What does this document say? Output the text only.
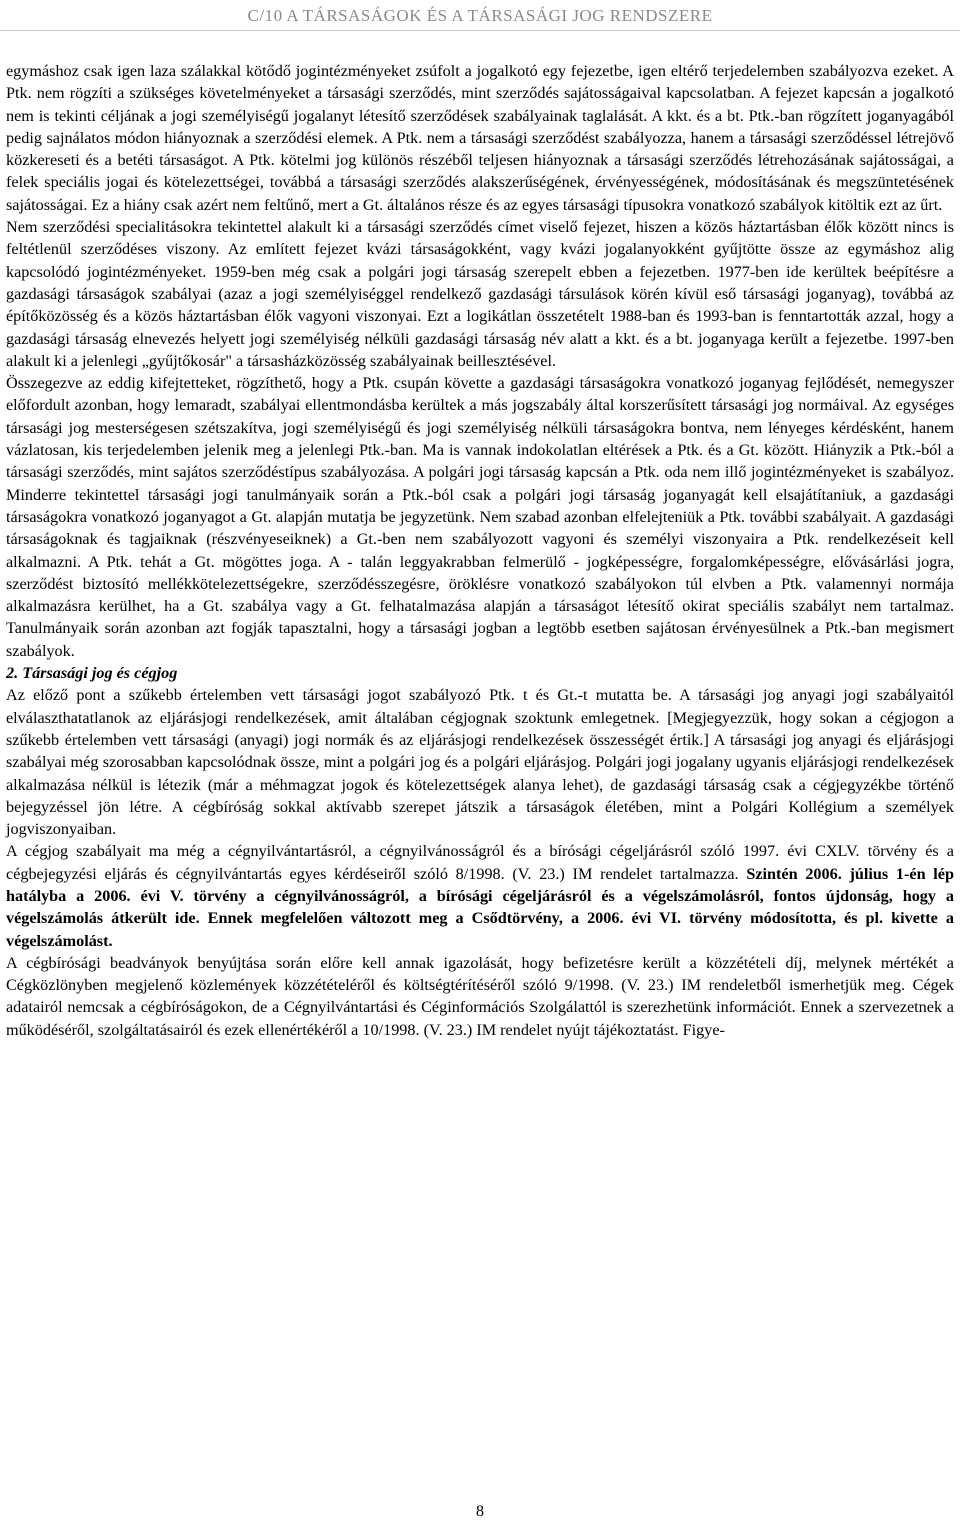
C/10 A TÁRSASÁGOK ÉS A TÁRSASÁGI JOG RENDSZERE

egymáshoz csak igen laza szálakkal kötődő jogintézményeket zsúfolt a jogalkotó egy fejezetbe, igen eltérő terjedelemben szabályozva ezeket. A Ptk. nem rögzíti a szükséges követelményeket a társasági szerződés, mint szerződés sajátosságaival kapcsolatban. A fejezet kapcsán a jogalkotó nem is tekinti céljának a jogi személyiségű jogalanyt létesítő szerződések szabályainak taglalását. A kkt. és a bt. Ptk.-ban rögzített joganyagából pedig sajnálatos módon hiányoznak a szerződési elemek. A Ptk. nem a társasági szerződést szabályozza, hanem a társasági szerződéssel létrejövő közkereseti és a betéti társaságot. A Ptk. kötelmi jog különös részéből teljesen hiányoznak a társasági szerződés létrehozásának sajátosságai, a felek speciális jogai és kötelezettségei, továbbá a társasági szerződés alakszerűségének, érvényességének, módosításának és megszüntetésének sajátosságai. Ez a hiány csak azért nem feltűnő, mert a Gt. általános része és az egyes társasági típusokra vonatkozó szabályok kitöltik ezt az űrt.

Nem szerződési specialitásokra tekintettel alakult ki a társasági szerződés címet viselő fejezet, hiszen a közös háztartásban élők között nincs is feltétlenül szerződéses viszony. Az említett fejezet kvázi társaságokként, vagy kvázi jogalanyokként gyűjtötte össze az egymáshoz alig kapcsolódó jogintézményeket. 1959-ben még csak a polgári jogi társaság szerepelt ebben a fejezetben. 1977-ben ide kerültek beépítésre a gazdasági társaságok szabályai (azaz a jogi személyiséggel rendelkező gazdasági társulások körén kívül eső társasági joganyag), továbbá az építőközösség és a közös háztartásban élők vagyoni viszonyai. Ezt a logikátlan összetételt 1988-ban és 1993-ban is fenntartották azzal, hogy a gazdasági társaság elnevezés helyett jogi személyiség nélküli gazdasági társaság név alatt a kkt. és a bt. joganyaga került a fejezetbe. 1997-ben alakult ki a jelenlegi „gyűjtőkosár" a társasházközösség szabályainak beillesztésével.

Összegezve az eddig kifejtetteket, rögzíthető, hogy a Ptk. csupán követte a gazdasági társaságokra vonatkozó joganyag fejlődését, nemegyszer előfordult azonban, hogy lemaradt, szabályai ellentmondásba kerültek a más jogszabály által korszerűsített társasági jog normáival. Az egységes társasági jog mesterségesen szétszakítva, jogi személyiségű és jogi személyiség nélküli társaságokra bontva, nem lényeges kérdésként, hanem vázlatosan, kis terjedelemben jelenik meg a jelenlegi Ptk.-ban. Ma is vannak indokolatlan eltérések a Ptk. és a Gt. között. Hiányzik a Ptk.-ból a társasági szerződés, mint sajátos szerződéstípus szabályozása. A polgári jogi társaság kapcsán a Ptk. oda nem illő jogintézményeket is szabályoz. Minderre tekintettel társasági jogi tanulmányaik során a Ptk.-ból csak a polgári jogi társaság joganyagát kell elsajátítaniuk, a gazdasági társaságokra vonatkozó joganyagot a Gt. alapján mutatja be jegyzetünk. Nem szabad azonban elfelejteniük a Ptk. további szabályait. A gazdasági társaságoknak és tagjaiknak (részvényeseiknek) a Gt.-ben nem szabályozott vagyoni és személyi viszonyaira a Ptk. rendelkezéseit kell alkalmazni. A Ptk. tehát a Gt. mögöttes joga. A - talán leggyakrabban felmerülő - jogképességre, forgalomképességre, elővásárlási jogra, szerződést biztosító mellékkötelezettségekre, szerződésszegésre, öröklésre vonatkozó szabályokon túl elvben a Ptk. valamennyi normája alkalmazásra kerülhet, ha a Gt. szabálya vagy a Gt. felhatalmazása alapján a társaságot létesítő okirat speciális szabályt nem tartalmaz. Tanulmányaik során azonban azt fogják tapasztalni, hogy a társasági jogban a legtöbb esetben sajátosan érvényesülnek a Ptk.-ban megismert szabályok.

2. Társasági jog és cégjog

Az előző pont a szűkebb értelemben vett társasági jogot szabályozó Ptk. t és Gt.-t mutatta be. A társasági jog anyagi jogi szabályaitól elválaszthatatlanok az eljárásjogi rendelkezések, amit általában cégjognak szoktunk emlegetnek. [Megjegyezzük, hogy sokan a cégjogon a szűkebb értelemben vett társasági (anyagi) jogi normák és az eljárásjogi rendelkezések összességét értik.] A társasági jog anyagi és eljárásjogi szabályai még szorosabban kapcsolódnak össze, mint a polgári jog és a polgári eljárásjog. Polgári jogi jogalany ugyanis eljárásjogi rendelkezések alkalmazása nélkül is létezik (már a méhmagzat jogok és kötelezettségek alanya lehet), de gazdasági társaság csak a cégjegyzékbe történő bejegyzéssel jön létre. A cégbíróság sokkal aktívabb szerepet játszik a társaságok életében, mint a Polgári Kollégium a személyek jogviszonyaiban.

A cégjog szabályait ma még a cégnyilvántartásról, a cégnyilvánosságról és a bírósági cégeljárásról szóló 1997. évi CXLV. törvény és a cégbejegyzési eljárás és cégnyilvántartás egyes kérdéseiről szóló 8/1998. (V. 23.) IM rendelet tartalmazza. Szintén 2006. július 1-én lép hatályba a 2006. évi V. törvény a cégnyilvánosságról, a bírósági cégeljárásról és a végelszámolásról, fontos újdonság, hogy a végelszámolás átkerült ide. Ennek megfelelően változott meg a Csődtörvény, a 2006. évi VI. törvény módosította, és pl. kivette a végelszámolást.

A cégbírósági beadványok benyújtása során előre kell annak igazolását, hogy befizetésre került a közzétételi díj, melynek mértékét a Cégközlönyben megjelenő közlemények közzétételéről és költségtérítéséről szóló 9/1998. (V. 23.) IM rendeletből ismerhetjük meg. Cégek adatairól nemcsak a cégbíróságokon, de a Cégnyilvántartási és Céginformációs Szolgálattól is szerezhetünk információt. Ennek a szervezetnek a működéséről, szolgáltatásairól és ezek ellenértékéről a 10/1998. (V. 23.) IM rendelet nyújt tájékoztatást. Figye-

8
